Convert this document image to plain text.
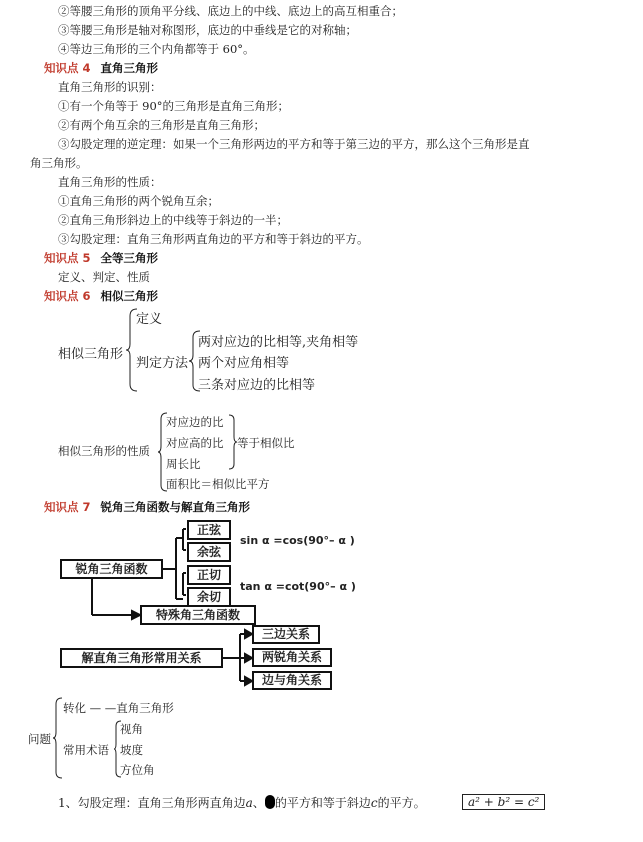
②等腰三角形的顶角平分线、底边上的中线、底边上的高互相重合；
③等腰三角形是轴对称图形，底边的中垂线是它的对称轴；
④等边三角形的三个内角都等于 60°。
知识点 4 直角三角形
直角三角形的识别：
①有一个角等于 90°的三角形是直角三角形；
②有两个角互余的三角形是直角三角形；
③勾股定理的逆定理：如果一个三角形两边的平方和等于第三边的平方，那么这个三角形是直
角三角形。
直角三角形的性质：
①直角三角形的两个锐角互余；
②直角三角形斜边上的中线等于斜边的一半；
③勾股定理：直角三角形两直角边的平方和等于斜边的平方。
知识点 5 全等三角形
定义、判定、性质
知识点 6 相似三角形
相似三角形
定义
判定方法
两对应边的比相等,夹角相等
两个对应角相等
三条对应边的比相等
相似三角形的性质
对应边的比
对应高的比
周长比
等于相似比
面积比＝相似比平方
知识点 7 锐角三角函数与解直角三角形
锐角三角函数
正弦
余弦
正切
余切
sin α =cos(90°– α )
tan α =cot(90°– α )
特殊角三角函数
解直角三角形常用关系
三边关系
两锐角关系
边与角关系
问题
转化 — —直角三角形
常用术语
视角
坡度
方位角
1、勾股定理：直角三角形两直角边a、 的平方和等于斜边c的平方。	a² + b² = c²
